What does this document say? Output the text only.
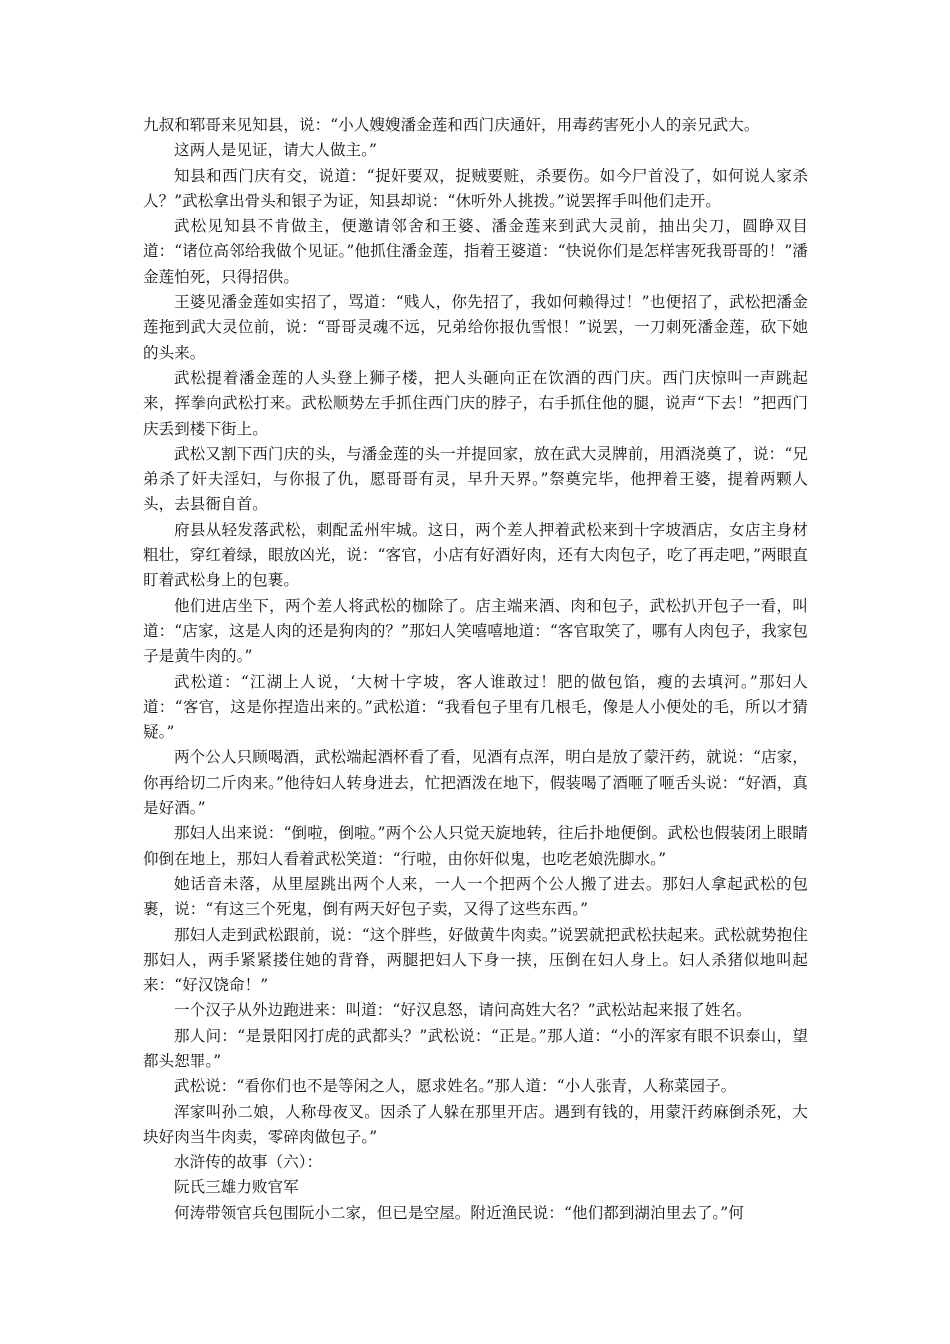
九叔和郓哥来见知县，说：“小人嫂嫂潘金莲和西门庆通奸，用毒药害死小人的亲兄武大。

这两人是见证，请大人做主。”

知县和西门庆有交，说道：“捉奸要双，捉贼要赃，杀要伤。如今尸首没了，如何说人家杀人？”武松拿出骨头和银子为证，知县却说：“休听外人挑拨。”说罢挥手叫他们走开。

武松见知县不肯做主，便邀请邻舍和王婆、潘金莲来到武大灵前，抽出尖刀，圆睁双目道：“诸位高邻给我做个见证。”他抓住潘金莲，指着王婆道：“快说你们是怎样害死我哥哥的！”潘金莲怕死，只得招供。

王婆见潘金莲如实招了，骂道：“贱人，你先招了，我如何赖得过！”也便招了，武松把潘金莲拖到武大灵位前，说：“哥哥灵魂不远，兄弟给你报仇雪恨！”说罢，一刀刺死潘金莲，砍下她的头来。

武松提着潘金莲的人头登上狮子楼，把人头砸向正在饮酒的西门庆。西门庆惊叫一声跳起来，挥拳向武松打来。武松顺势左手抓住西门庆的脖子，右手抓住他的腿，说声“下去！”把西门庆丢到楼下街上。

武松又割下西门庆的头，与潘金莲的头一并提回家，放在武大灵牌前，用酒浇奠了，说：“兄弟杀了奸夫淫妇，与你报了仇，愿哥哥有灵，早升天界。”祭奠完毕，他押着王婆，提着两颗人头，去县衙自首。

府县从轻发落武松，刺配孟州牢城。这日，两个差人押着武松来到十字坡酒店，女店主身材粗壮，穿红着绿，眼放凶光，说：“客官，小店有好酒好肉，还有大肉包子，吃了再走吧，”两眼直盯着武松身上的包裹。

他们进店坐下，两个差人将武松的枷除了。店主端来酒、肉和包子，武松扒开包子一看，叫道：“店家，这是人肉的还是狗肉的？”那妇人笑嘻嘻地道：“客官取笑了，哪有人肉包子，我家包子是黄牛肉的。”

武松道：“江湖上人说，‘大树十字坡，客人谁敢过！肥的做包馅，瘦的去填河。”那妇人道：“客官，这是你捏造出来的。”武松道：“我看包子里有几根毛，像是人小便处的毛，所以才猜疑。”

两个公人只顾喝酒，武松端起酒杯看了看，见酒有点浑，明白是放了蒙汗药，就说：“店家，你再给切二斤肉来。”他待妇人转身进去，忙把酒泼在地下，假装喝了酒咂了咂舌头说：“好酒，真是好酒。”

那妇人出来说：“倒啦，倒啦。”两个公人只觉天旋地转，往后扑地便倒。武松也假装闭上眼睛仰倒在地上，那妇人看着武松笑道：“行啦，由你奸似鬼，也吃老娘洗脚水。”

她话音未落，从里屋跳出两个人来，一人一个把两个公人搬了进去。那妇人拿起武松的包裹，说：“有这三个死鬼，倒有两天好包子卖，又得了这些东西。”

那妇人走到武松跟前，说：“这个胖些，好做黄牛肉卖。”说罢就把武松扶起来。武松就势抱住那妇人，两手紧紧搂住她的背脊，两腿把妇人下身一挟，压倒在妇人身上。妇人杀猪似地叫起来：“好汉饶命！”

一个汉子从外边跑进来：叫道：“好汉息怒，请问高姓大名？”武松站起来报了姓名。

那人问：“是景阳冈打虎的武都头？”武松说：“正是。”那人道：“小的浑家有眼不识泰山，望都头恕罪。”

武松说：“看你们也不是等闲之人，愿求姓名。”那人道：“小人张青，人称菜园子。

浑家叫孙二娘，人称母夜叉。因杀了人躲在那里开店。遇到有钱的，用蒙汗药麻倒杀死，大块好肉当牛肉卖，零碎肉做包子。”

水浒传的故事（六）：

阮氏三雄力败官军

何涛带领官兵包围阮小二家，但已是空屋。附近渔民说：“他们都到湖泊里去了。”何
